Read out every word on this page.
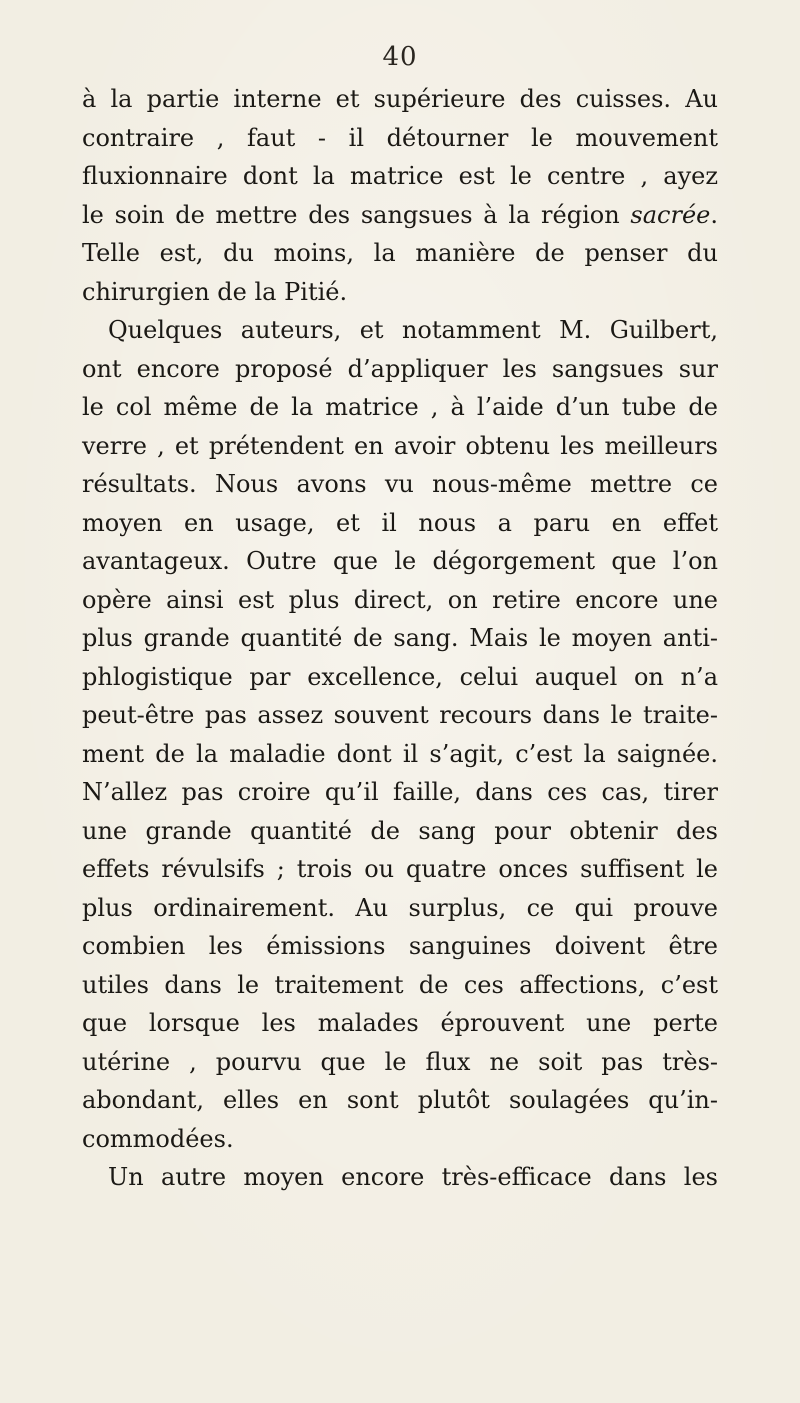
40
à la partie interne et supérieure des cuisses. Au
contraire , faut - il détourner le mouvement
fluxionnaire dont la matrice est le centre , ayez
le soin de mettre des sangsues à la région sacrée.
Telle est, du moins, la manière de penser du
chirurgien de la Pitié.
Quelques auteurs, et notamment M. Guilbert,
ont encore proposé d’appliquer les sangsues sur
le col même de la matrice , à l’aide d’un tube de
verre , et prétendent en avoir obtenu les meilleurs
résultats. Nous avons vu nous-même mettre ce
moyen en usage, et il nous a paru en effet
avantageux. Outre que le dégorgement que l’on
opère ainsi est plus direct, on retire encore une
plus grande quantité de sang. Mais le moyen anti-
phlogistique par excellence, celui auquel on n’a
peut-être pas assez souvent recours dans le traite-
ment de la maladie dont il s’agit, c’est la saignée.
N’allez pas croire qu’il faille, dans ces cas, tirer
une grande quantité de sang pour obtenir des
effets révulsifs ; trois ou quatre onces suffisent le
plus ordinairement. Au surplus, ce qui prouve
combien les émissions sanguines doivent être
utiles dans le traitement de ces affections, c’est
que lorsque les malades éprouvent une perte
utérine , pourvu que le flux ne soit pas très-
abondant, elles en sont plutôt soulagées qu’in-
commodées.
Un autre moyen encore très-efficace dans les
